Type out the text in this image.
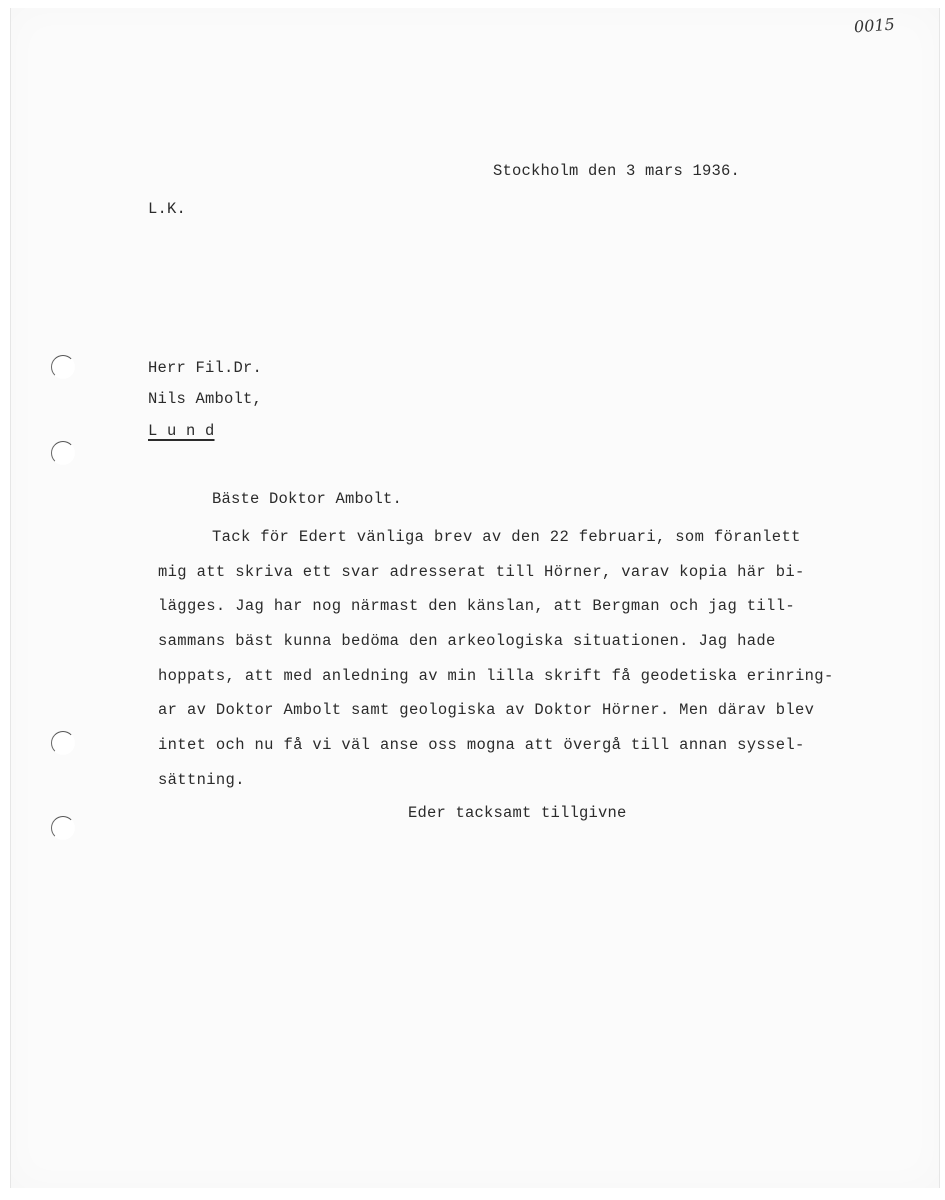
0015
Stockholm den 3 mars 1936.
L.K.
Herr Fil.Dr.
Nils Ambolt,
L u n d
Bäste Doktor Ambolt.
Tack för Edert vänliga brev av den 22 februari, som föranlett
mig att skriva ett svar adresserat till Hörner, varav kopia här bi-
lägges. Jag har nog närmast den känslan, att Bergman och jag till-
sammans bäst kunna bedöma den arkeologiska situationen. Jag hade
hoppats, att med anledning av min lilla skrift få geodetiska erinring-
ar av Doktor Ambolt samt geologiska av Doktor Hörner. Men därav blev
intet och nu få vi väl anse oss mogna att övergå till annan syssel-
sättning.
Eder tacksamt tillgivne
